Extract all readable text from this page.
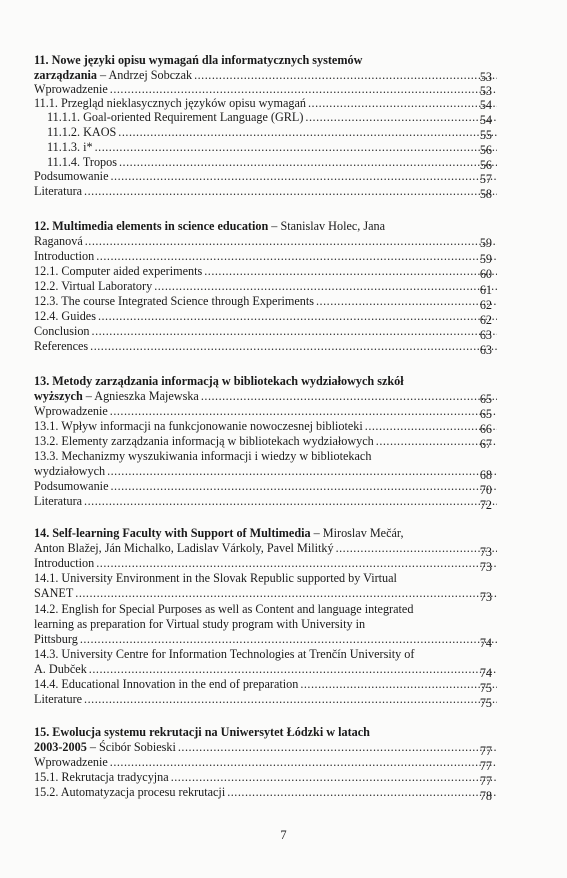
11. Nowe języki opisu wymagań dla informatycznych systemów
zarządzania – Andrzej Sobczak .....	53
Wprowadzenie .....	53
11.1. Przegląd nieklasycznych języków opisu wymagań .....	54
11.1.1. Goal-oriented Requirement Language (GRL) .....	54
11.1.2. KAOS .....	55
11.1.3. i* .....	56
11.1.4. Tropos .....	56
Podsumowanie .....	57
Literatura .....	58
12. Multimedia elements in science education – Stanislav Holec, Jana
Raganová .....	59
Introduction .....	59
12.1. Computer aided experiments .....	60
12.2. Virtual Laboratory .....	61
12.3. The course Integrated Science through Experiments .....	62
12.4. Guides .....	62
Conclusion .....	63
References .....	63
13. Metody zarządzania informacją w bibliotekach wydziałowych szkół
wyższych – Agnieszka Majewska .....	65
Wprowadzenie .....	65
13.1. Wpływ informacji na funkcjonowanie nowoczesnej biblioteki .....	66
13.2. Elementy zarządzania informacją w bibliotekach wydziałowych .....	67
13.3. Mechanizmy wyszukiwania informacji i wiedzy w bibliotekach
wydziałowych .....	68
Podsumowanie .....	70
Literatura .....	72
14. Self-learning Faculty with Support of Multimedia – Miroslav Mečár,
Anton Blažej, Ján Michalko, Ladislav Várkoly, Pavel Militký .....	73
Introduction .....	73
14.1. University Environment in the Slovak Republic supported by Virtual
SANET .....	73
14.2. English for Special Purposes as well as Content and language integrated
learning as preparation for Virtual study program with University in
Pittsburg .....	74
14.3. University Centre for Information Technologies at Trenčín University of
A. Dubček .....	74
14.4. Educational Innovation in the end of preparation .....	75
Literature .....	75
15. Ewolucja systemu rekrutacji na Uniwersytet Łódzki w latach
2003-2005 – Ścibór Sobieski .....	77
Wprowadzenie .....	77
15.1. Rekrutacja tradycyjna .....	77
15.2. Automatyzacja procesu rekrutacji .....	78
7
